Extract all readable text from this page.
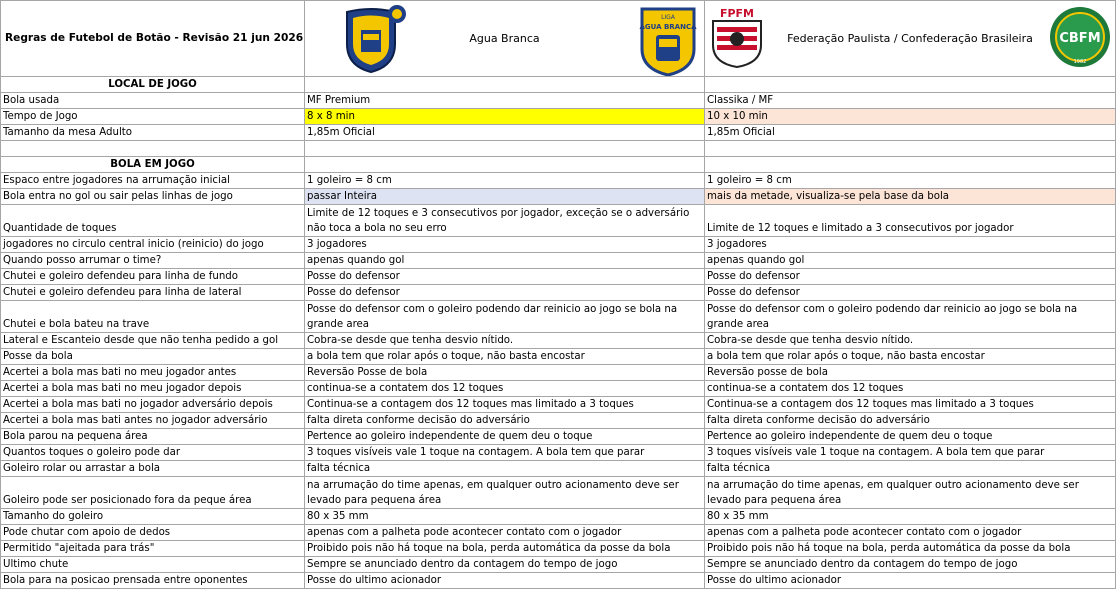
Regras de Futebol de Botão - Revisão 21 jun 2026	Agua Branca
LIGA
ÁGUA BRANCA	FPFM
Federação Paulista / Confederação Brasileira CBFM
1982

LOCAL DE JOGO		
Bola usada	MF Premium	Classika / MF
Tempo de Jogo	8 x 8 min	10 x 10 min
Tamanho da mesa Adulto	1,85m Oficial	1,85m Oficial

BOLA EM JOGO		
Espaco entre jogadores na arrumação inicial	1 goleiro = 8 cm	1 goleiro = 8 cm
Bola entra no gol ou sair pelas linhas de jogo	passar Inteira	mais da metade, visualiza-se pela base da bola
Quantidade de toques	Limite de 12 toques e 3 consecutivos por jogador, exceção se o adversário não toca a bola no seu erro	Limite de 12 toques e limitado a 3 consecutivos por jogador
jogadores no circulo central inicio (reinicio) do jogo	3 jogadores	3 jogadores
Quando posso arrumar o time?	apenas quando gol	apenas quando gol
Chutei e goleiro defendeu para linha de fundo	Posse do defensor	Posse do defensor
Chutei e goleiro defendeu para linha de lateral	Posse do defensor	Posse do defensor
Chutei e bola bateu na trave	Posse do defensor com o goleiro podendo dar reinicio ao jogo se bola na grande area	Posse do defensor com o goleiro podendo dar reinicio ao jogo se bola na grande area
Lateral e Escanteio desde que não tenha pedido a gol	Cobra-se desde que tenha desvio nítido.	Cobra-se desde que tenha desvio nítido.
Posse da bola	a bola tem que rolar após o toque, não basta encostar	a bola tem que rolar após o toque, não basta encostar
Acertei a bola mas bati no meu jogador antes	Reversão Posse de bola	Reversão posse de bola
Acertei a bola mas bati no meu jogador depois	continua-se a contatem dos 12 toques	continua-se a contatem dos 12 toques
Acertei a bola mas bati no jogador adversário depois	Continua-se a contagem dos 12 toques mas limitado a 3 toques	Continua-se a contagem dos 12 toques mas limitado a 3 toques
Acertei a bola mas bati antes no jogador adversário	falta direta conforme decisão do adversário	falta direta conforme decisão do adversário
Bola parou na pequena área	Pertence ao goleiro independente de quem deu o toque	Pertence ao goleiro independente de quem deu o toque
Quantos toques o goleiro pode dar	3 toques visíveis vale 1 toque na contagem. A bola tem que parar	3 toques visíveis vale 1 toque na contagem. A bola tem que parar
Goleiro rolar ou arrastar a bola	falta técnica	falta técnica
Goleiro pode ser posicionado fora da peque área	na arrumação do time apenas, em qualquer outro acionamento deve ser levado para pequena área	na arrumação do time apenas, em qualquer outro acionamento deve ser levado para pequena área
Tamanho do goleiro	80 x 35 mm	80 x 35 mm
Pode chutar com apoio de dedos	apenas com a palheta pode acontecer contato com o jogador	apenas com a palheta pode acontecer contato com o jogador
Permitido "ajeitada para trás"	Proibido pois não há toque na bola, perda automática da posse da bola	Proibido pois não há toque na bola, perda automática da posse da bola
Ultimo chute	Sempre se anunciado dentro da contagem do tempo de jogo	Sempre se anunciado dentro da contagem do tempo de jogo
Bola para na posicao prensada entre oponentes	Posse do ultimo acionador	Posse do ultimo acionador
